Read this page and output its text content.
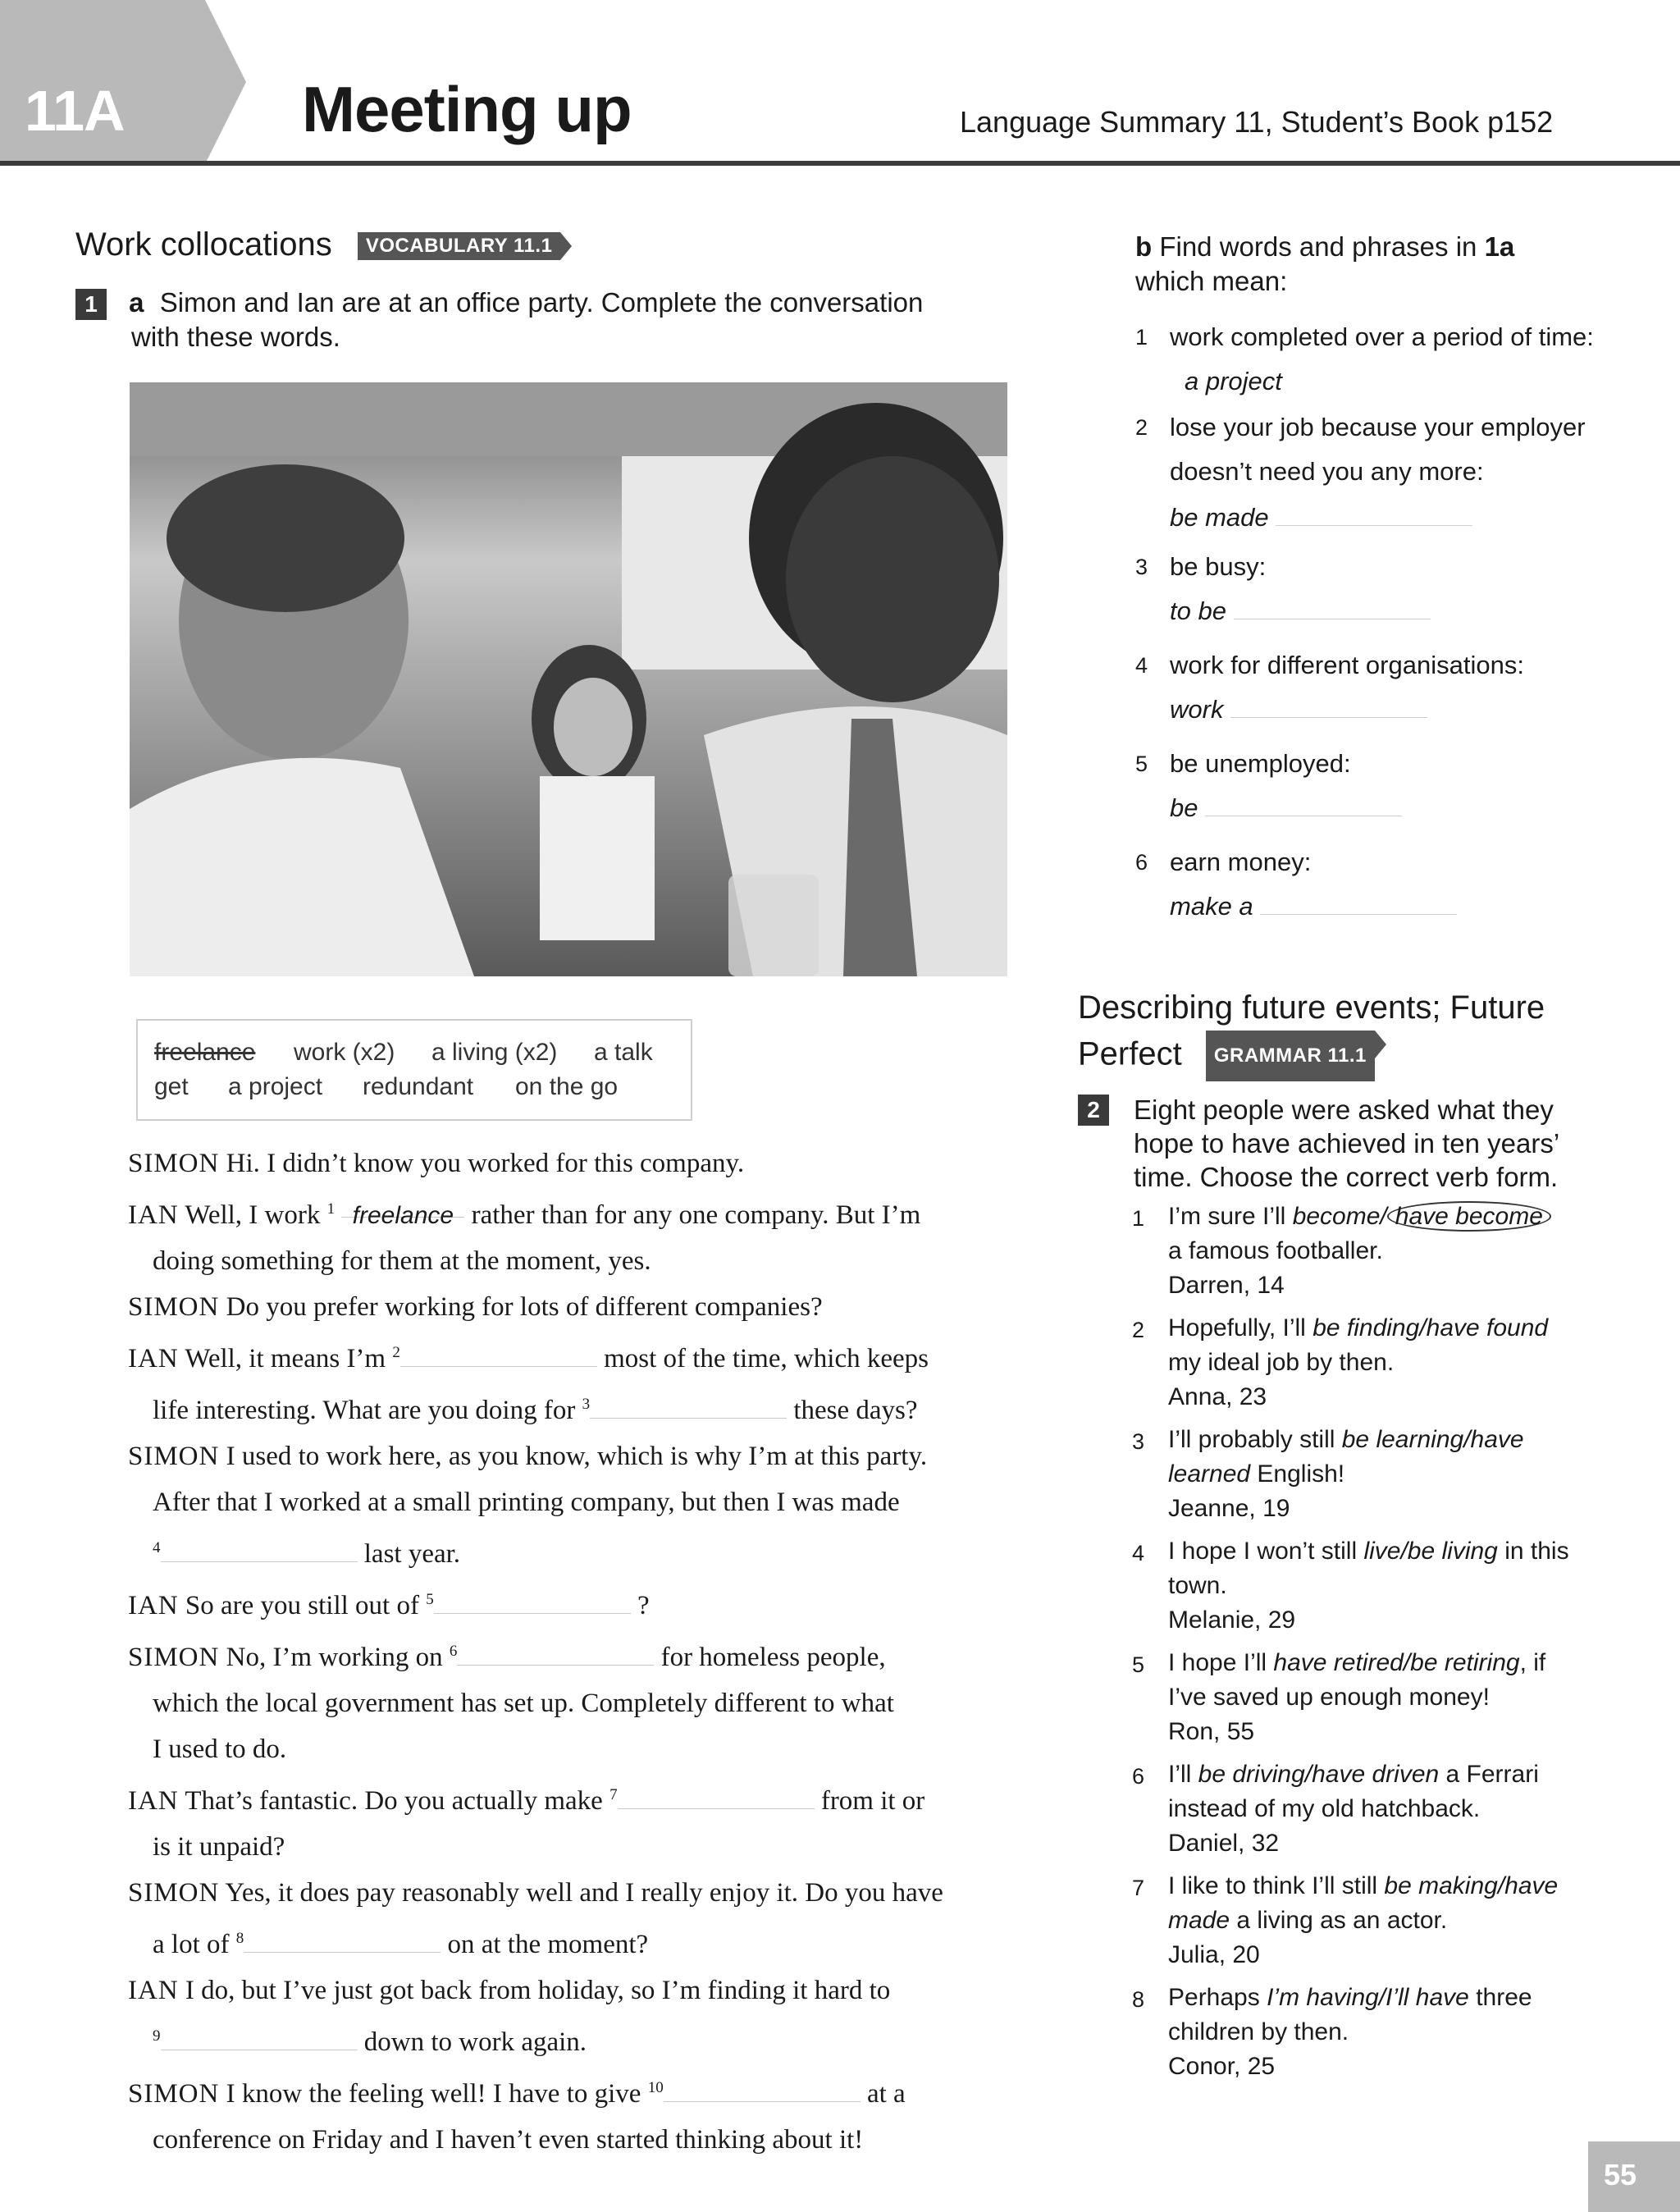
11A	Meeting up	Language Summary 11, Student’s Book p152
Work collocations VOCABULARY 11.1
1 a Simon and Ian are at an office party. Complete the conversation
with these words.
freelance work (x2) a living (x2) a talk
get a project redundant on the go
SIMON Hi. I didn’t know you worked for this company.
IAN Well, I work $^1$ freelance rather than for any one company. But I’m
doing something for them at the moment, yes.
SIMON Do you prefer working for lots of different companies?
IAN Well, it means I’m $^2$	most of the time, which keeps
life interesting. What are you doing for $^3$	these days?
SIMON I used to work here, as you know, which is why I’m at this party.
After that I worked at a small printing company, but then I was made
$^4$	last year.
IAN So are you still out of $^5$	?
SIMON No, I’m working on $^6$	for homeless people,
which the local government has set up. Completely different to what
I used to do.
IAN That’s fantastic. Do you actually make $^7$	from it or
is it unpaid?
SIMON Yes, it does pay reasonably well and I really enjoy it. Do you have
a lot of $^8$	on at the moment?
IAN I do, but I’ve just got back from holiday, so I’m finding it hard to
$^9$	down to work again.
SIMON I know the feeling well! I have to give $^{10}$	at a
conference on Friday and I haven’t even started thinking about it!
b Find words and phrases in 1a
which mean:
1 work completed over a period of time:
a project
2 lose your job because your employer
doesn’t need you any more:
be made
3 be busy:
to be
4 work for different organisations:
work
5 be unemployed:
be
6 earn money:
make a
Describing future events; Future
Perfect GRAMMAR 11.1
2	Eight people were asked what they
hope to have achieved in ten years’
time. Choose the correct verb form.
1 I’m sure I’ll become/ have become
a famous footballer.
Darren, 14
2 Hopefully, I’ll be finding/have found
my ideal job by then.
Anna, 23
3 I’ll probably still be learning/have
learned English!
Jeanne, 19
4 I hope I won’t still live/be living in this
town.
Melanie, 29
5 I hope I’ll have retired/be retiring, if
I’ve saved up enough money!
Ron, 55
6 I’ll be driving/have driven a Ferrari
instead of my old hatchback.
Daniel, 32
7 I like to think I’ll still be making/have
made a living as an actor.
Julia, 20
8 Perhaps I’m having/I’ll have three
children by then.
Conor, 25
55
